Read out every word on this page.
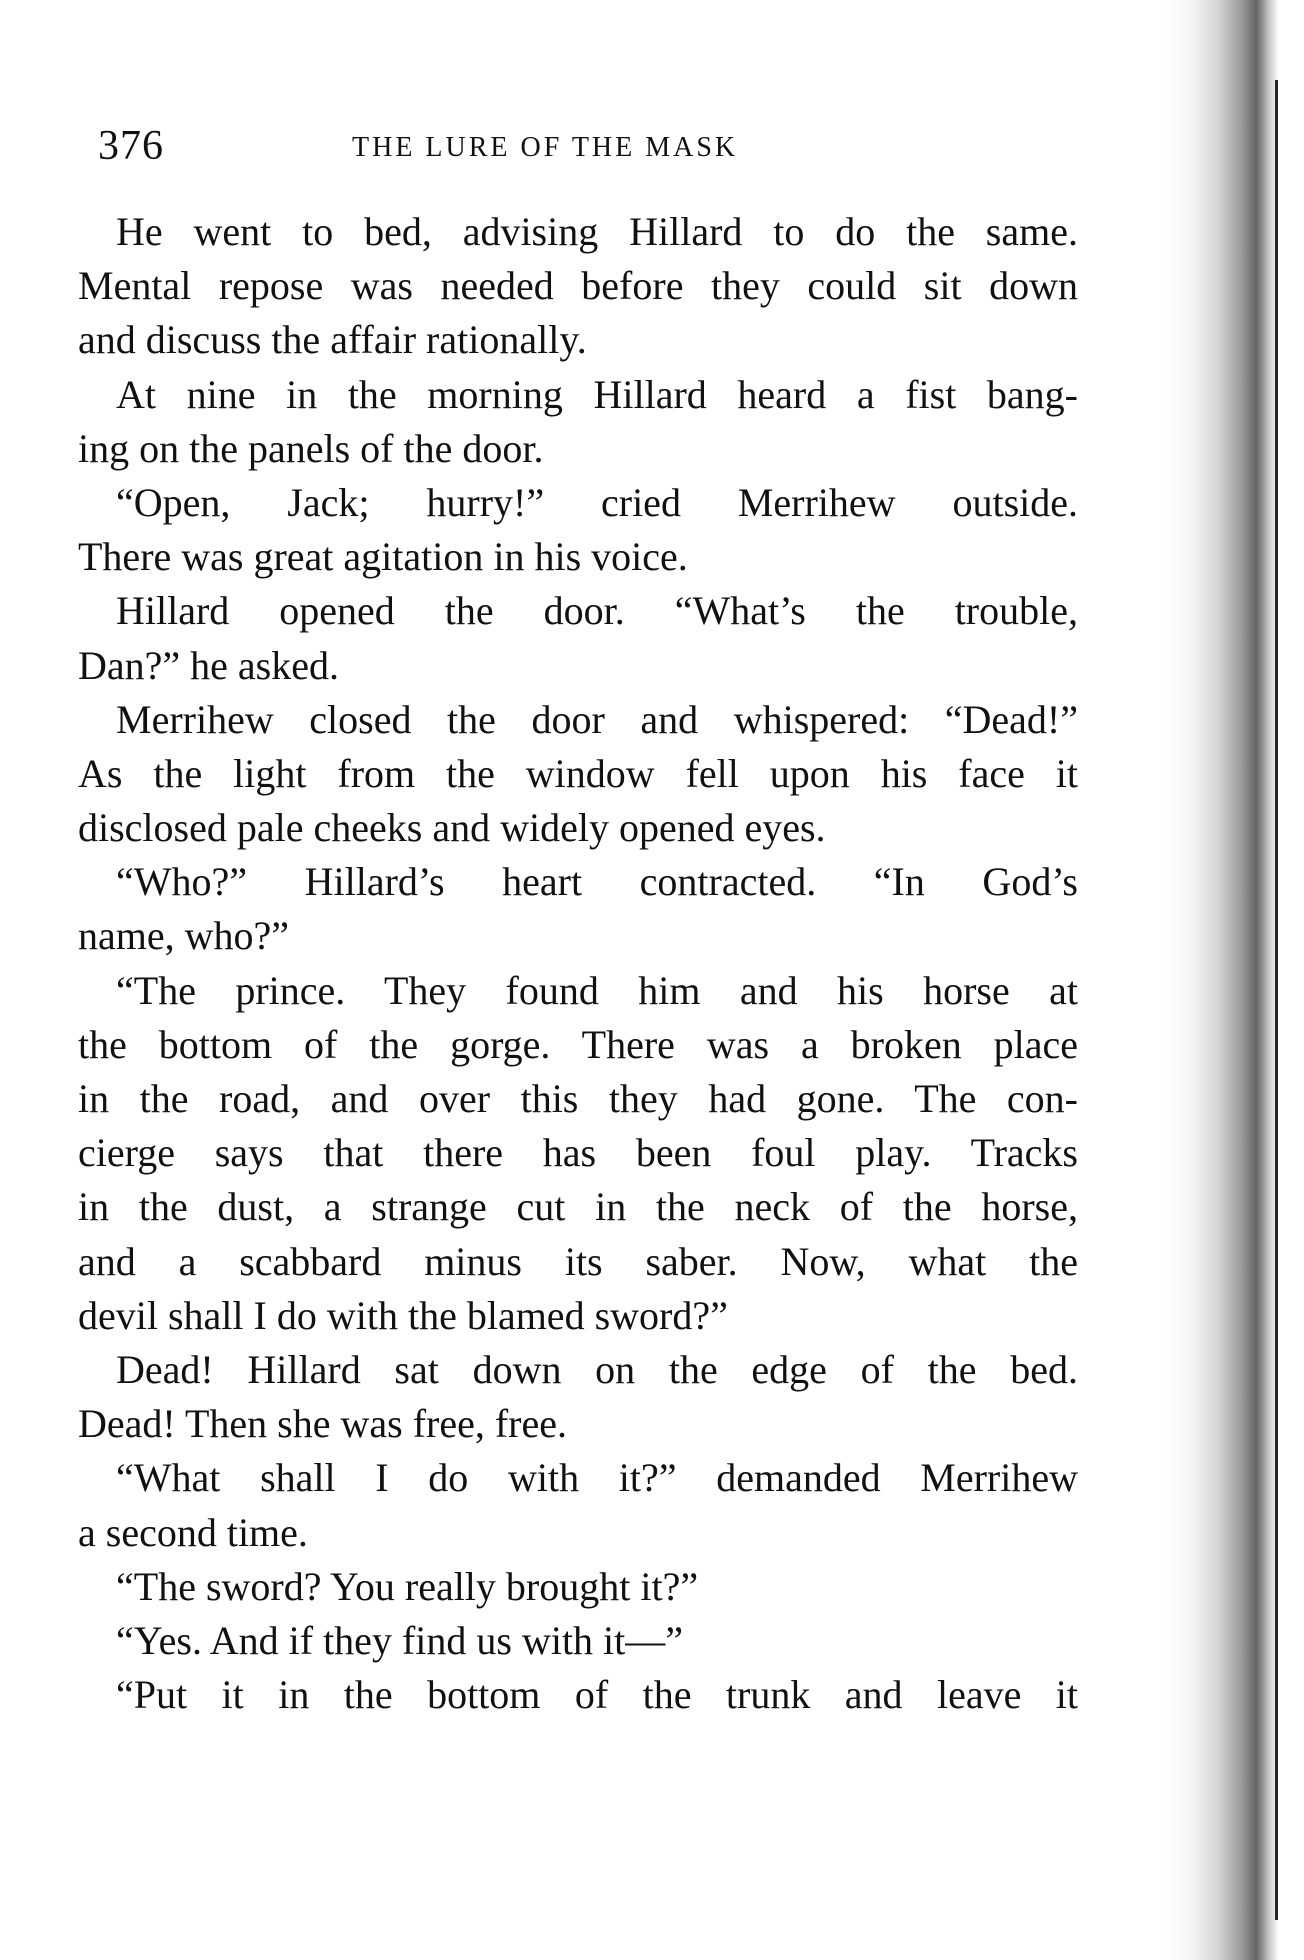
376	THE LURE OF THE MASK
He went to bed, advising Hillard to do the same.
Mental repose was needed before they could sit down
and discuss the affair rationally.
At nine in the morning Hillard heard a fist bang-
ing on the panels of the door.
“Open, Jack; hurry!” cried Merrihew outside.
There was great agitation in his voice.
Hillard opened the door. “What’s the trouble,
Dan?” he asked.
Merrihew closed the door and whispered: “Dead!”
As the light from the window fell upon his face it
disclosed pale cheeks and widely opened eyes.
“Who?” Hillard’s heart contracted. “In God’s
name, who?”
“The prince. They found him and his horse at
the bottom of the gorge. There was a broken place
in the road, and over this they had gone. The con-
cierge says that there has been foul play. Tracks
in the dust, a strange cut in the neck of the horse,
and a scabbard minus its saber. Now, what the
devil shall I do with the blamed sword?”
Dead! Hillard sat down on the edge of the bed.
Dead! Then she was free, free.
“What shall I do with it?” demanded Merrihew
a second time.
“The sword? You really brought it?”
“Yes. And if they find us with it—”
“Put it in the bottom of the trunk and leave it
